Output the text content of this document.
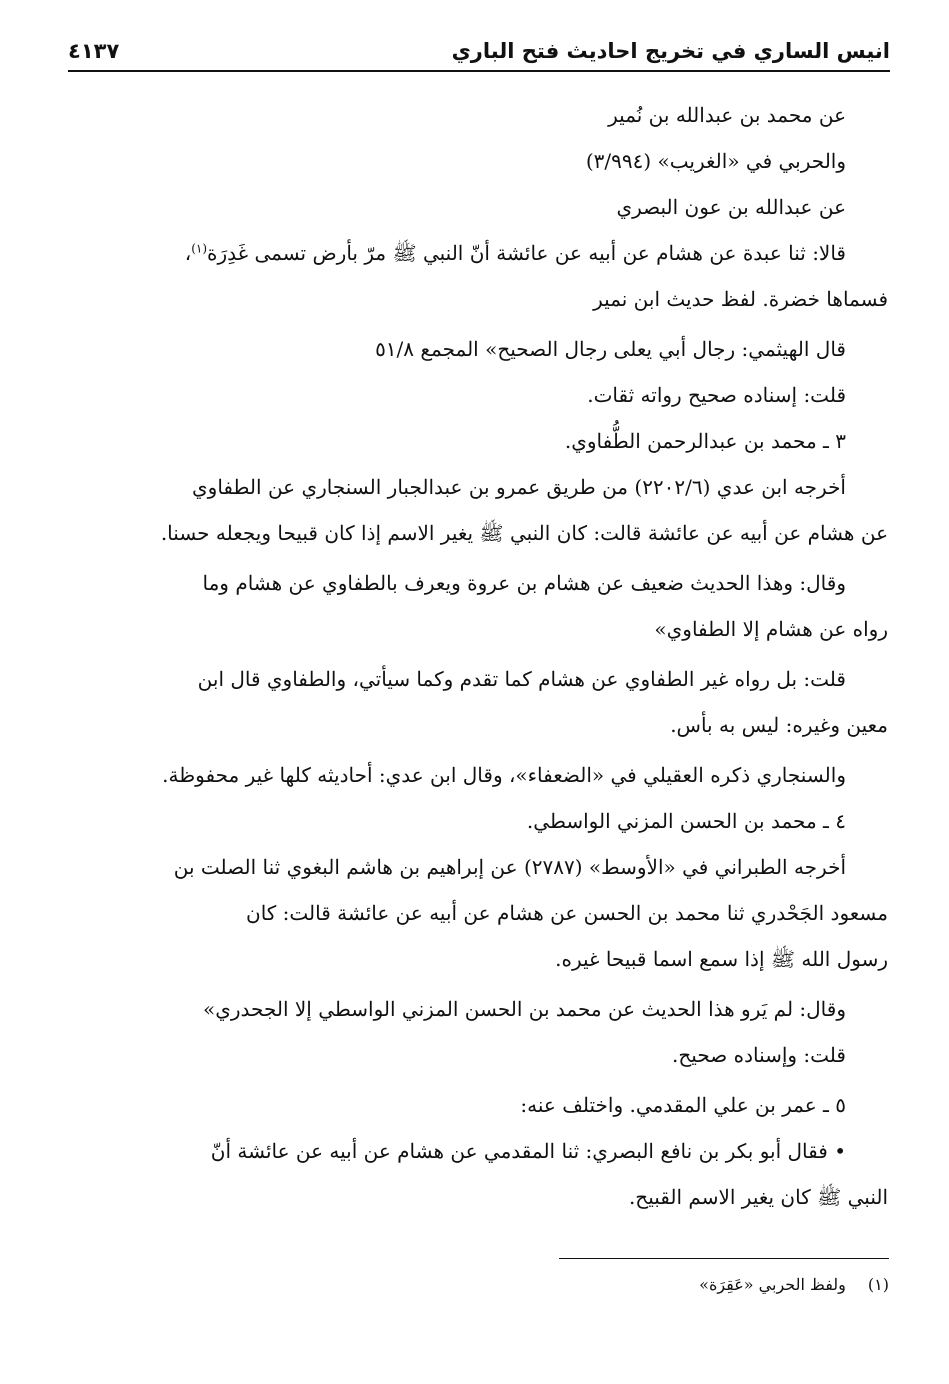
انيس الساري في تخريج احاديث فتح الباري
٤١٣٧
عن محمد بن عبدالله بن نُمير
والحربي في «الغريب» (٣/٩٩٤)
عن عبدالله بن عون البصري
قالا: ثنا عبدة عن هشام عن أبيه عن عائشة أنّ النبي ﷺ مرّ بأرض تسمى غَدِرَة$^{(١)}$،
فسماها خضرة. لفظ حديث ابن نمير
قال الهيثمي: رجال أبي يعلى رجال الصحيح» المجمع ٥١/٨
قلت: إسناده صحيح رواته ثقات.
٣ ـ محمد بن عبدالرحمن الطُّفاوي.
أخرجه ابن عدي (٢٢٠٢/٦) من طريق عمرو بن عبدالجبار السنجاري عن الطفاوي
عن هشام عن أبيه عن عائشة قالت: كان النبي ﷺ يغير الاسم إذا كان قبيحا ويجعله حسنا.
وقال: وهذا الحديث ضعيف عن هشام بن عروة ويعرف بالطفاوي عن هشام وما
رواه عن هشام إلا الطفاوي»
قلت: بل رواه غير الطفاوي عن هشام كما تقدم وكما سيأتي، والطفاوي قال ابن
معين وغيره: ليس به بأس.
والسنجاري ذكره العقيلي في «الضعفاء»، وقال ابن عدي: أحاديثه كلها غير محفوظة.
٤ ـ محمد بن الحسن المزني الواسطي.
أخرجه الطبراني في «الأوسط» (٢٧٨٧) عن إبراهيم بن هاشم البغوي ثنا الصلت بن
مسعود الجَحْدري ثنا محمد بن الحسن عن هشام عن أبيه عن عائشة قالت: كان
رسول الله ﷺ إذا سمع اسما قبيحا غيره.
وقال: لم يَرو هذا الحديث عن محمد بن الحسن المزني الواسطي إلا الجحدري»
قلت: وإسناده صحيح.
٥ ـ عمر بن علي المقدمي. واختلف عنه:
• فقال أبو بكر بن نافع البصري: ثنا المقدمي عن هشام عن أبيه عن عائشة أنّ
النبي ﷺ كان يغير الاسم القبيح.
(١)ولفظ الحربي «عَقِرَة»
